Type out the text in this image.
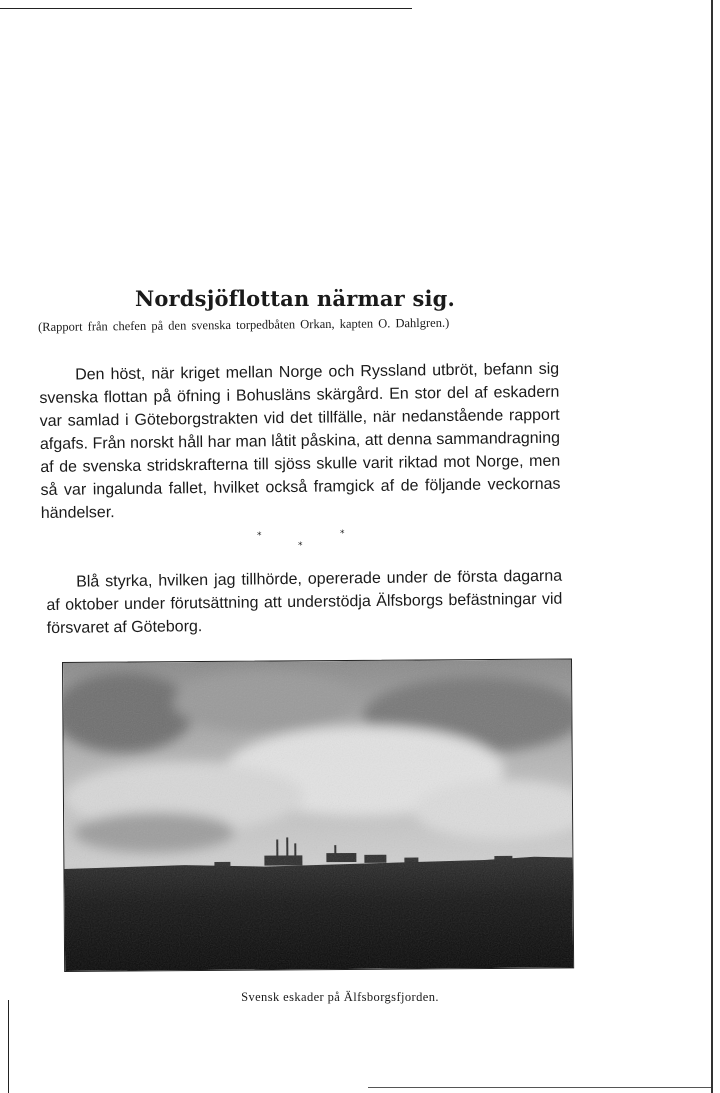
Nordsjöflottan närmar sig.

(Rapport från chefen på den svenska torpedbåten Orkan, kapten O. Dahlgren.)

Den höst, när kriget mellan Norge och Ryssland utbröt, befann sig svenska flottan på öfning i Bohusläns skärgård. En stor del af eskadern var samlad i Göteborgstrakten vid det tillfälle, när nedanstående rapport afgafs. Från norskt håll har man låtit påskina, att denna sammandragning af de svenska stridskrafterna till sjöss skulle varit riktad mot Norge, men så var ingalunda fallet, hvilket också framgick af de följande veckornas händelser.

*	*
*

Blå styrka, hvilken jag tillhörde, opererade under de första dagarna af oktober under förutsättning att understödja Älfsborgs befästningar vid försvaret af Göteborg.

Svensk eskader på Älfsborgsfjorden.
